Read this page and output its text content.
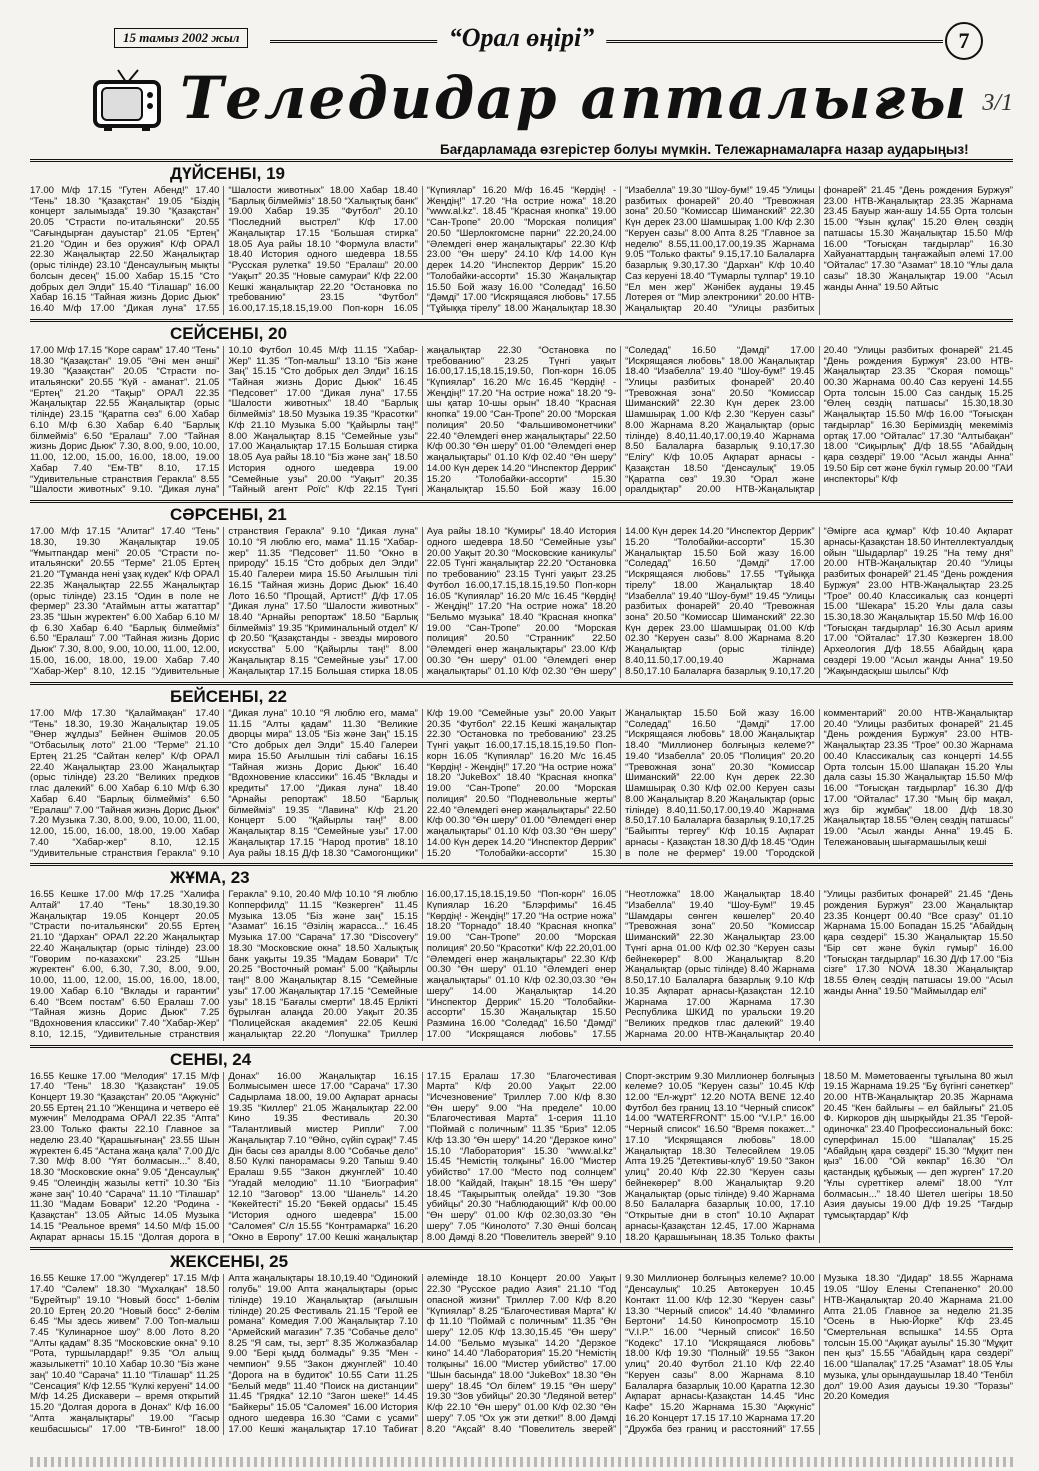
15 тамыз 2002 жыл	“Орал өңірі”	7
Теледидар апталығы 3/1
Бағдарламада өзгерістер болуы мүмкін. Тележарнамаларға назар аударыңыз!
ДҮЙСЕНБІ, 19

17.00 М/ф 17.15 “Гутен Абенд!” 17.40 “Тень” 18.30 “Қазақстан” 19.05 “Біздің концерт залымызда” 19.30 “Қазақстан” 20.05 “Страсти по-итальянски” 20.55 “Сағындырған дауыстар” 21.05 “Ертең” 21.20 “Один и без оружия” К/ф ОРАЛ 22.30 Жаңалықтар 22.50 Жаңалықтар (орыс тілінде) 23.10 “Денсаулығың мықты болсын десең” 15.00 Хабар 15.15 “Сто добрых дел Элди” 15.40 “Тілашар” 16.00 Хабар 16.15 “Тайная жизнь Дорис Дьюк” 16.40 М/ф 17.00 “Дикая луна” 17.55 “Шалости животных” 18.00 Хабар 18.40 “Барлық білмейміз” 18.50 “Халықтық банк” 19.00 Хабар 19.35 “Футбол” 20.10 “Последний выстрел” К/ф 17.00 Жаңалықтар 17.15 “Большая стирка” 18.05 Ауа райы 18.10 “Формула власти” 18.40 История одного шедевра 18.55 “Русская рулетка” 19.50 “Ералаш” 20.00 “Уақыт” 20.35 “Новые самураи” К/ф 22.00 Кешкі жаңалықтар 22.20 “Остановка по требованию” 23.15 “Футбол” 16.00,17.15,18.15,19.00 Поп-корн 16.05 “Күпиялар” 16.20 М/ф 16.45 “Көрдің! - Жеңдің!” 17.20 “На острие ножа” 18.20 “www.al.kz”. 18.45 “Красная кнопка” 19.00 “Сан-Тропе” 20.00 “Морская полиция” 20.50 “Шерлокгомсне парни” 22.20,24.00 “Әлемдегі өнер жаңалықтары” 22.30 К/ф 23.00 “Өн шеру” 24.10 К/ф 14.00 Күн дерек 14.20 “Инспектор Деррик” 15.20 “Толобайки-ассорти” 15.30 Жаңалықтар 15.50 Бой жазу 16.00 “Соледад” 16.50 “Дәмді” 17.00 “Искрящаяся любовь” 17.55 “Тұйыққа тірелу” 18.00 Жаңалықтар 18.30 “Изабелла” 19.30 “Шоу-бум!” 19.45 “Улицы разбитых фонарей” 20.40 “Тревожная зона” 20.50 “Комиссар Шиманский” 22.30 Күн дерек 23.00 Шамшырақ 1.00 К/ф 2.30 “Керуен сазы” 8.00 Апта 8.25 “Главное за неделю” 8.55,11.00,17.00,19.35 Жарнама 9.05 “Только факты” 9.15,17.10 Балаларға базарлық 9.30,17.30 “Дархан” К/ф 10.40 Саз керуені 18.40 “Түмарлы тұлпар” 19.10 “Ел мен жер” Жәнібек ауданы 19.45 Лотерея от “Мир электроники” 20.00 НТВ-Жаңалықтар 20.40 “Улицы разбитых фонарей” 21.45 “День рождения Буржуя” 23.00 НТВ-Жаңалықтар 23.35 Жарнама 23.45 Бауыр жан-ашу 14.55 Орта толсын 15.00 “Ұзын құлақ” 15.20 Өлең сөздің патшасы 15.30 Жаңалықтар 15.50 М/ф 16.00 “Тоғысқан тағдырлар” 16.30 Хайуанаттардың таңғажайып әлемі 17.00 “Ойталас” 17.30 “Азамат” 18.10 “Ұлы дала сазы” 18.30 Жаңалықтар 19.00 “Асыл жанды Анна” 19.50 Айтыс

СЕЙСЕНБІ, 20

17.00 М/ф 17.15 “Коре сарам” 17.40 “Тень” 18.30 “Қазақстан” 19.05 “Әні мен әнші” 19.30 “Қазақстан” 20.05 “Страсти по-итальянски” 20.55 “Күй - аманат”. 21.05 “Ертең” 21.20 “Тақыр” ОРАЛ 22.35 Жаңалықтар 22.55 Жаңалықтар (орыс тілінде) 23.15 “Қаратпа сөз” 6.00 Хабар 6.10 М/ф 6.30 Хабар 6.40 “Барлық білмейміз” 6.50 “Ералаш” 7.00 “Тайная жизнь Дорис Дьюк” 7.30, 8.00, 9.00, 10.00, 11.00, 12.00, 15.00, 16.00, 18.00, 19.00 Хабар 7.40 “Ем-ТВ” 8.10, 17.15 “Удивительные странствия Геракла” 8.55 “Шалости животных” 9.10. “Дикая луна” 10.10 Футбол 10.45 М/ф 11.15 “Хабар-Жер” 11.35 “Топ-мальш” 13.10 “Біз және Заң” 15.15 “Сто добрых дел Элди” 16.15 “Тайная жизнь Дорис Дьюк” 16.45 “Педсовет” 17.00 “Дикая луна” 17.55 “Шалости животных” 18.40 “Барлық білмейміз” 18.50 Музыка 19.35 “Красотки” К/ф 21.10 Музыка 5.00 “Қайырлы таң!” 8.00 Жаңалықтар 8.15 “Семейные узы” 17.00 Жаңалықтар 17.15 Большая стирка 18.05 Ауа райы 18.10 “Біз және заң” 18.50 История одного шедевра 19.00 “Семейные узы” 20.00 “Уақыт” 20.35 “Тайный агент Роїс” К/ф 22.15 Түнгі жаңалықтар 22.30 “Остановка по требованию” 23.25 Түнгі уақыт 16.00,17.15,18.15,19.50, Поп-корн 16.05 “Күпиялар” 16.20 М/с 16.45 “Көрдің! - Жеңдің!” 17.20 “На острие ножа” 18.20 “9-шы қатар 10-шы орын” 18.40 “Красная кнопка” 19.00 “Сан-Тропе” 20.00 “Морская полиция” 20.50 “Фальшивомонетчики” 22.40 “Әлемдегі өнер жаңалықтары” 22.50 К/ф 00.30 “Өн шеру” 01.00 “Әлемдегі өнер жаңалықтары” 01.10 К/ф 02.40 “Өн шеру” 14.00 Күн дерек 14.20 “Инспектор Деррик” 15.20 “Толобайки-ассорти” 15.30 Жаңалықтар 15.50 Бой жазу 16.00 “Соледад” 16.50 “Дәмді” 17.00 “Искрящаяся любовь” 18.00 Жаңалықтар 18.40 “Изабелла” 19.40 “Шоу-бум!” 19.45 “Улицы разбитых фонарей” 20.40 “Тревожная зона” 20.50 “Комиссар Шиманский” 22.30 Күн дерек 23.00 Шамшырақ 1.00 К/ф 2.30 “Керуен сазы” 8.00 Жарнама 8.20 Жаңалықтар (орыс тілінде) 8.40,11.40,17.00,19.40 Жарнама 8.50 Балаларға базарлық 9.10,17.30 “Елігу” К/ф 10.05 Ақпарат арнасы - Қазақстан 18.50 “Денсаулық” 19.05 “Қаратпа сөз” 19.30 “Орал және оралдықтар” 20.00 НТВ-Жаңалықтар 20.40 “Улицы разбитых фонарей” 21.45 “День рождения Буржуя” 23.00 НТВ-Жаңалықтар 23.35 “Скорая помощь” 00.30 Жарнама 00.40 Саз керуені 14.55 Орта толсын 15.00 Саз сандық 15.25 “Өлең сөздің патшасы” 15.30,18.30 Жаңалықтар 15.50 М/ф 16.00 “Тоғысқан тағдырлар” 16.30 Берімиздің мекеміміз ортақ 17.00 “Ойталас” 17.30 “Алтыбақан” 18.00 “Сиқырлық” Д/ф 18.55 “Абайдың қара сөздері” 19.00 “Асыл жанды Анна” 19.50 Бір сөт және бүкіл гүмыр 20.00 “ГАИ инспекторы” К/ф

СӘРСЕНБІ, 21

17.00 М/ф 17.15 “Алитаг” 17.40 “Тень” 18.30, 19.30 Жаңалықтар 19.05 “Ұмытпандар мені” 20.05 “Страсти по-итальянски” 20.55 “Терме” 21.05 Ертең 21.20 “Тұманда нені ұзақ күдек” К/ф ОРАЛ 22.35 Жаңалықтар 22.55 Жаңалықтар (орыс тілінде) 23.15 “Один в поле не фермер” 23.30 “Атаймын атты жататтар” 23.35 “Шын жүректен” 6.00 Хабар 6.10 М/ф 6.30 Хабар 6.40 “Барлық білмейміз” 6.50 “Ералаш” 7.00 “Тайная жизнь Дорис Дьюк” 7.30, 8.00, 9.00, 10.00, 11.00, 12.00, 15.00, 16.00, 18.00, 19.00 Хабар 7.40 “Хабар-Жер” 8.10, 12.15 “Удивительные странствия Геракла” 9.10 “Дикая луна” 10.10 “Я люблю его, мама” 11.15 “Хабар-жер” 11.35 “Педсовет” 11.50 “Окно в природу” 15.15 “Сто добрых дел Элди” 15.40 Галереи мира 15.50 Ағылшын тілі 16.15 “Тайная жизнь Дорис Дьюк” 16.40 Лото 16.50 “Прощай, Артист!” Д/ф 17.05 “Дикая луна” 17.50 “Шалости животных” 18.40 “Арнайы репортаж” 18.50 “Барлық білмейміз” 19.35 “Криминальный отдел” К/ф 20.50 “Қазақстанды - звезды мирового искусства” 5.00 “Қайырлы таң!” 8.00 Жаңалықтар 8.15 “Семейные узы” 17.00 Жаңалықтар 17.15 Большая стирка 18.05 Ауа райы 18.10 “Кумиры” 18.40 История одного шедевра 18.50 “Семейные узы” 20.00 Уақыт 20.30 “Московские каникулы” 22.05 Түнгі жаңалықтар 22.20 “Остановка по требованию” 23.15 Түнгі уақыт 23.25 Футбол 16.00,17.15,18.15,19.50 Поп-корн 16.05 “Күпиялар” 16.20 М/с 16.45 “Көрдің! - Жеңдің!” 17.20 “На острие ножа” 18.20 “Бельмо мүзыка” 18.40 “Красная кнопка” 19.00 “Сан-Тропе” 20.00 “Морская полиция” 20.50 “Странник” 22.50 “Әлемдегі өнер жаңалықтары” 23.00 К/ф 00.30 “Өн шеру” 01.00 “Әлемдегі өнер жаңалықтары” 01.10 К/ф 02.30 “Өн шеру” 14.00 Күн дерек 14.20 “Инспектор Деррик” 15.20 “Толобайки-ассорти” 15.30 Жаңалықтар 15.50 Бой жазу 16.00 “Соледад” 16.50 “Дәмді” 17.00 “Искрящаяся любовь” 17.55 “Тұйыққа тірелу” 18.00 Жаңалықтар 18.40 “Изабелла” 19.40 “Шоу-бум!” 19.45 “Улицы разбитых фонарей” 20.40 “Тревожная зона” 20.50 “Комиссар Шиманский” 22.30 Күн дерек 23.00 Шамшырақ 01.00 К/ф 02.30 “Керуен сазы” 8.00 Жарнама 8.20 Жаңалықтар (орыс тілінде) 8.40,11.50,17.00,19.40 Жарнама 8.50,17.10 Балаларға базарлық 9.10,17.20 “Әмірге аса құмар” К/ф 10.40 Ақпарат арнасы-Қазақстан 18.50 Интеллектуалдық ойын “Шыдарлар” 19.25 “На тему дня” 20.00 НТВ-Жаңалықтар 20.40 “Улицы разбитых фонарей” 21.45 “День рождения Буржуя” 23.00 НТВ-Жаңалықтар 23.25 “Трое” 00.40 Классикалық саз концерті 15.00 “Шекара” 15.20 Ұлы дала сазы 15.30,18.30 Жаңалықтар 15.50 М/ф 16.00 “Тоғысқан тағдырлар” 16.30 Асыл ариям 17.00 “Ойталас” 17.30 Көзкерген 18.00 Археология Д/ф 18.55 Абайдың қара сөздері 19.00 “Асыл жанды Анна” 19.50 “Жақындасқыш шылсы” К/ф

БЕЙСЕНБІ, 22

17.00 М/ф 17.30 “Қалаймақан” 17.40 “Тень” 18.30, 19.30 Жаңалықтар 19.05 “Өнер жұлдыз” Бейнен Әшімов 20.05 “Отбасылық лото” 21.00 “Терме” 21.10 Ертең 21.25 “Сайтан келер” К/ф ОРАЛ 22.40 Жаңалықтар 23.00 Жаңалықтар (орыс тілінде) 23.20 “Великих предков глас далекий” 6.00 Хабар 6.10 М/ф 6.30 Хабар 6.40 “Барлық білмейміз” 6.50 “Ералаш” 7.00 “Тайная жизнь Дорис Дьюк” 7.20 Музыка 7.30, 8.00, 9.00, 10.00, 11.00, 12.00, 15.00, 16.00, 18.00, 19.00 Хабар 7.40 “Хабар-жер” 8.10, 12.15 “Удивительные странствия Геракла” 9.10 “Дикая луна” 10.10 “Я люблю его, мама” 11.15 “Алты қадам” 11.30 “Великие дворцы мира” 13.05 “Біз және Заң” 15.15 “Сто добрых дел Элди” 15.40 Галереи мира 15.50 Ағылшын тілі сабағы 16.15 “Тайная жизнь Дорис Дьюк” 16.40 “Вдохновение классики” 16.45 “Вклады и кредиты” 17.00 “Дикая луна” 18.40 “Арнайы репортаж” 18.50 “Барлық білмейміз” 19.35 “Лавина” К/ф 21.20 Концерт 5.00 “Қайырлы таң!” 8.00 Жаңалықтар 8.15 “Семейные узы” 17.00 Жаңалықтар 17.15 “Народ против” 18.10 Ауа райы 18.15 Д/ф 18.30 “Самогонщики” К/ф 19.00 “Семейные узы” 20.00 Уақыт 20.35 “Футбол” 22.15 Кешкі жаңалықтар 22.30 “Остановка по требованию” 23.25 Түнгі уақыт 16.00,17.15,18.15,19.50 Поп-корн 16.05 “Күпиялар” 16.20 М/с 16.45 “Көрдің! - Жеңдің!” 17.20 “На острие ножа” 18.20 “JukeBox” 18.40 “Красная кнопка” 19.00 “Сан-Тропе” 20.00 “Морская полиция” 20.50 “Подневольные жерты” 22.40 “Әлемдегі өнер жаңалықтары” 22.50 К/ф 00.30 “Өн шеру” 01.00 “Әлемдегі өнер жаңалықтары” 01.10 К/ф 03.30 “Өн шеру” 14.00 Күн дерек 14.20 “Инспектор Деррик” 15.20 “Толобайки-ассорти” 15.30 Жаңалықтар 15.50 Бой жазу 16.00 “Соледад” 16.50 “Дәмді” 17.00 “Искрящаяся любовь” 18.00 Жаңалықтар 18.40 “Миллионер болғыңыз келеме?” 19.40 “Изабелла” 20.05 “Полиция” 20.20 “Тревожная зона” 20.30 “Комиссар Шиманский” 22.00 Күн дерек 22.30 Шамшырақ 0.30 К/ф 02.00 Керуен сазы 8.00 Жаңалықтар 8.20 Жаңалықтар (орыс тілінде) 8.40,11.50,17.00,19.40 Жарнама 8.50,17.10 Балаларға базарлық 9.10,17.25 “Байыпты тергеу” К/ф 10.15 Ақпарат арнасы - Қазақстан 18.30 Д/ф 18.45 “Один в поле не фермер” 19.00 “Городской комментарий” 20.00 НТВ-Жаңалықтар 20.40 “Улицы разбитых фонарей” 21.45 “День рождения Буржуя” 23.00 НТВ-Жаңалықтар 23.35 “Трое” 00.30 Жарнама 00.40 Классикалық саз концерті 14.55 Орта толсын 15.00 Шапақан 15.20 Ұлы дала сазы 15.30 Жаңалықтар 15.50 М/ф 16.00 “Тоғысқан тағдырлар” 16.30 Д/ф 17.00 “Ойталас” 17.30 “Мың бір мақал, жүз бір жұмбақ” 18.00 Д/ф 18.30 Жаңалықтар 18.55 “Өлең сөздің патшасы” 19.00 “Асыл жанды Анна” 19.45 Б. Тележановаың шығармашылық кешi

ЖҰМА, 23

16.55 Кешке 17.00 М/ф 17.25 “Халифа Алтай” 17.40 “Тень” 18.30,19.30 Жаңалықтар 19.05 Концерт 20.05 “Страсти по-итальянски” 20.55 Ертең 21.10 “Дархан” ОРАЛ 22.20 Жаңалықтар 22.40 Жаңалықтар (орыс тілінде) 23.00 “Говорим по-казахски” 23.25 “Шын жүректен” 6.00, 6.30, 7.30, 8.00, 9.00, 10.00, 11.00, 12.00, 15.00, 16.00, 18.00, 19.00 Хабар 6.10 “Вклады и гарантии” 6.40 “Всем постам” 6.50 Ералаш 7.00 “Тайная жизнь Дорис Дьюк” 7.25 “Вдохновения классики” 7.40 “Хабар-Жер” 8.10, 12.15, “Удивительные странствия Геракла” 9.10, 20.40 М/ф 10.10 “Я люблю Копперфилд” 11.15 “Көзкерген” 11.45 Музыка 13.05 “Біз және заң” 15.15 “Азамат” 16.15 “Әзілің жарасса...” 16.45 Музыка 17.00 “Сарача” 17.30 “Discovery” 18.30 “Московские окна” 18.50 Халықтық банк уақыты 19.35 “Мадам Бовари” Т/с 20.25 “Восточный роман” 5.00 “Қайырлы таң!” 8.00 Жаңалықтар 8.15 “Семейные узы” 17.00 Жаңалықтар 17.15 “Семейные узы” 18.15 “Бағалы смерти” 18.45 Ерлікті бұрылған алаңда 20.00 Уақыт 20.35 “Полицейская академия” 22.05 Кешкі жаңалықтар 22.20 “Лопушка” Триллер 16.00,17.15,18.15,19.50 “Поп-корн” 16.05 Күпиялар 16.20 “Блэрфимы” 16.45 “Көрдің! - Жеңдің!” 17.20 “На острие ножа” 18.20 “Торнадо” 18.40 “Красная кнопка” 19.00 “Сан-Тропе” 20.00 “Морская полиция” 20.50 “Красотки” К/ф 22.20,01.00 “Әлемдегі өнер жаңалықтары” 22.30 К/ф 00.30 “Өн шеру” 01.10 “Әлемдегі өнер жаңалықтары” 01.10 К/ф 02.30,03.30 “Өн шеру” 14.00 Жаңалықтар 14.20 “Инспектор Деррик” 15.20 “Толобайки-ассорти” 15.30 Жаңалықтар 15.50 Размина 16.00 “Соледад” 16.50 “Дәмді” 17.00 “Искрящаяся любовь” 17.55 “Неотложка” 18.00 Жаңалықтар 18.40 “Изабелла” 19.40 “Шоу-Бум!” 19.45 “Шамдары сөнген көшелер” 20.40 “Тревожная зона” 20.50 “Комиссар Шиманский” 22.30 Жаңалықтар 23.00 Түнгі арна 01.00 К/ф 02.30 “Керуен сазы бейнекөрер” 8.00 Жаңалықтар 8.20 Жаңалықтар (орыс тілінде) 8.40 Жарнама 8.50,17.10 Балаларға базарлық 9.10 К/ф 10.35 Ақпарат арнасы-Қазақстан 12.10 Жарнама 17.00 Жарнама 17.30 Республика ШКИД по уральски 19.20 “Великих предков глас далекий” 19.40 Жарнама 20.00 НТВ-Жаңалықтар 20.40 “Улицы разбитых фонарей” 21.45 “День рождения Буржуя” 23.00 Жаңалықтар 23.35 Концерт 00.40 “Все сразу” 01.10 Жарнама 15.00 Бопадан 15.25 “Абайдың қара сөздері” 15.30 Жаңалықтар 15.50 “Бір сөт және бүкіл гүмыр” 16.00 “Тоғысқан тағдырлар” 16.30 Д/ф 17.00 “Біз сізге” 17.30 NOVA 18.30 Жаңалықтар 18.55 Өлең сөздің патшасы 19.00 “Асыл жанды Анна” 19.50 “Маймылдар елі”

СЕНБІ, 24

16.55 Кешке 17.00 “Мелодия” 17.15 М/ф 17.40 “Тень” 18.30 “Қазақстан” 19.05 Концерт 19.30 “Қазақстан” 20.05 “Ақжүніс” 20.55 Ертең 21.10 “Женщина и четверо её мужчин” Мелодрама ОРАЛ 22.35 “Апта” 23.00 Только факты 22.10 Главное за неделю 23.40 “Қарашығынаң” 23.55 Шын жүректен 6.45 “Астана жаңа қала” 7.00 Д/с 7.30 М/ф 8.00 “Үят болмасын...” 8.40, 18.30 “Московские окна” 9.05 “Денсаулық” 9.45 “Олеиндің жазылы кетті” 10.30 “Біз және заң” 10.40 “Сарача” 11.10 “Тілашар” 11.30 “Мадам Бовари” 12.20 “Родина - Қазақстан” 13.05 Айтыс 14.05 Музыка 14.15 “Реальное время” 14.50 М/ф 15.00 Ақпарат арнасы 15.15 “Долгая дорога в Донах” 16.00 Жаңалықтар 16.15 Болмысымен шесе 17.00 “Сарача” 17.30 Садырлама 18.00, 19.00 Ақпарат арнасы 19.35 “Киллер” 21.05 Жаңалықтар 22.00 Кино 19.35 Фестиваль 20.30 “Талантливый мистер Рипли” 7.00 Жаңалықтар 7.10 “Өйно, сүйіп сұрақ!” 7.45 Дін басы сөз аралды 8.00 “Собачье дело” 8.50 Күлкі панорамасы 9.20 Тапыш 9.40 Ералаш 9.55 “Закон джунглей” 10.40 “Угадай мелодию” 11.10 “Биография” 12.10 “Заговор” 13.00 “Шанель” 14.20 “Көкейтесті” 15.20 “Бөкей ордасы” 15.45 “История одного шедевра” 15.00 “Саломея” С/л 15.55 “Контрамарка” 16.20 “Окно в Европу” 17.00 Кешкі жаңалықтар 17.15 Ералаш 17.30 “Благочестивая Марта” К/ф 20.00 Уақыт 22.00 “Исчезновение” Триллер 7.00 К/ф 8.30 “Өн шеру” 9.00 “На пределе” 10.00 “Благочестивая Марта” 1-серия 11.10 “Поймай с поличным” 11.35 “Бриз” 12.05 К/ф 13.30 “Өн шеру” 14.20 “Дерзкое кино” 15.10 “Лаборатория” 15.30 “www.al.kz” 15.45 “Немістің толқыны” 16.00 “Мистер убийство” 17.00 “Место под солнцем” 18.00 “Кайдай, Ітақын” 18.15 “Өн шеру” 18.45 “Тақырыптық олейда” 19.30 “Зов убийцы” 20.30 “Наблюдающий” К/ф 00.00 “Өн шеру” 01.00 К/ф 02.30,03.30 “Өн шеру” 7.05 “Кинолото” 7.30 Әнші болсаң 8.00 Дәмді 8.20 “Повелитель зверей” 9.10 Спорт-экстрим 9.30 Миллионер болғыңыз келеме? 10.05 “Керуен сазы” 10.45 К/ф 12.00 “Ел-жұрт” 12.20 NOTA BENE 12.40 Футбол без границ 13.10 “Черный список” 14.00 “WATERFRONT” 15.00 “V.I.P.” 16.00 “Черный список” 16.50 “Время покажет...” 17.10 “Искрящаяся любовь” 18.00 Жаңалықтар 18.30 Телесөйлем 19.05 Апта 19.25 “Детективы-клуб” 19.50 “Закон улиц” 20.40 К/ф 22.30 “Керуен сазы бейнекөрер” 8.00 Жаңалықтар 9.20 Жаңалықтар (орыс тілінде) 9.40 Жарнама 8.50 Балаларға базарлық 10.00, 17.10 “Открытые дни в стоп” 10.10 Ақпарат арнасы-Қазақстан 12.45, 17.00 Жарнама 18.20 Қарашығынаң 18.35 Только факты 18.50 М. Мәметоваенгы тұғылына 80 жыл 19.15 Жарнама 19.25 “Бұ бүгінгі сәнеткер” 20.00 НТВ-Жаңалықтар 20.35 Жарнама 20.45 “Кен байлығы – ел байлығы” 21.05 Ф. Киркоров дің шырқыйды 21.35 “Герой-одиночка” 23.40 Профессиональный бокс: суперфинал 15.00 “Шапалақ” 15.25 “Абайдың қара сөздері” 15.30 “Мұқит пен қыз” 16.00 “Ой көкпар” 16.30 “Ол қастандық құбыжық — деп жүрген” 17.20 “Ұлы сүреттікер әлемі” 18.00 “Үлт болмасын...” 18.40 Шетел шегіры 18.50 Азия дауысы 19.00 Д/ф 19.25 “Тағдыр тұмсықтардар” К/ф

ЖЕКСЕНБІ, 25

16.55 Кешке 17.00 “Жүлдегер” 17.15 М/ф 17.40 “Сәлем” 18.30 “Мұхалқан” 18.50 “Бұрейтыр” 19.10 “Новый босс” 1-бөлім 20.10 Ертең 20.20 “Новый босс” 2-бөлім 6.45 “Мы здесь живем” 7.00 Топ-малыш 7.45 “Кулинарное шоу” 8.00 Лото 8.20 “Алты қадам” 8.35 “Московские окна” 9.10 “Рота, туршылардар!” 9.35 “Ол алыщ жазылыкетті” 10.10 Хабар 10.30 “Біз және заң” 10.40 “Сарача” 11.10 “Тілашар” 11.25 “Сенсация” К/ф 12.55 “Күлкі керуені” 14.00 М/ф 14.25 Дискавери – время открытий 15.20 “Долгая дорога в Донах” К/ф 16.00 “Апта жаңалықтары” 19.00 “Гасыр кешбасшысы” 17.00 “ТВ-Бинго!” 18.00 Апта жаңалықтары 18.10,19.40 “Одинокий голубь” 19.00 Апта жаңалықтары (орыс тілінде) 19.10 Жаңалықтар (ағылшын тілінде) 20.25 Фестиваль 21.15 “Герой ее романа” Комедия 7.00 Жаңалықтар 7.10 “Армейский магазин” 7.35 “Собачье дело” 8.25 “Я сам, ты, зерт” 8.35 Жолжазбалар 9.00 “Бері қыдд болмады” 9.35 “Мен - чемпион” 9.55 “Закон джунглей” 10.40 “Дорога на в будиток” 10.55 Сати 11.25 “Белый медв” 11.40 “Поиск на дистанции” 11.45 “Грядка” 12.10 “Загон шеке!” 14.45 “Байкеры” 15.05 “Саломея” 16.00 История одного шедевра 16.30 “Сами с усами” 17.00 Кешкі жаңалықтар 17.10 Табиғат әлемінде 18.10 Концерт 20.00 Уақыт 22.30 “Русское радио Азия” 21.10 “Год опасной жизни” Триллер 7.00 К/ф 8.20 “Күпиялар” 8.25 “Благочестивая Марта” К/ф 11.10 “Поймай с поличным” 11.35 “Өн шеру” 12.05 К/ф 13.30,15.45 “Өн шеру” 14.00 “Бельмо мүзыка” 14.20 “Дерзкое кино” 14.40 “Лаборатория” 15.20 “Немістің толқыны” 16.00 “Мистер убийство” 17.00 “Шын басында” 18.00 “JukeBox” 18.30 “Өн шеру” 18.45 “Ол білем” 19.15 “Өн шеру” 19.30 “Зов убийцы” 20.30 “Ледяной ветер” К/ф 22.10 “Өн шеру” 01.00 К/ф 02.30 “Өн шеру” 7.05 “Ох уж эти детки!” 8.00 Дәмді 8.20 “Ақсай” 8.40 “Повелитель зверей” 9.30 Миллионер болғыңыз келеме? 10.00 “Денсаулық” 10.25 Автокеруен 10.45 Контакт 11.00 К/ф 12.30 “Керуен сазы” 13.30 “Черный список” 14.40 “Фламинго Бертони” 14.50 Кинопросмотр 15.10 “V.I.P.” 16.00 “Черный список” 16.50 “Кодекс” 17.10 “Искрящаяся любовь” 18.00 К/ф 19.30 “Полный” 19.55 “Закон улиц” 20.40 Футбол 21.10 К/ф 22.40 “Керуен сазы” 8.00 Жарнама 8.10 Балаларға базарлық 10.00 Қаратпа 12.30 Ақпарат арнасы-Қазақстан 14.45 “Инс Кафе” 15.20 Жарнама 15.30 “Ақжүніс” 16.20 Концерт 17.15 17.10 Жарнама 17.20 “Дружба без границ и расстояний” 17.55 Музыка 18.30 “Дидар” 18.55 Жарнама 19.05 “Шоу Елены Степаненко” 20.00 НТВ-Жаңалықтар 20.40 Жарнама 21.00 Апта 21.05 Главное за неделю 21.35 “Осень в Нью-Йорке” К/ф 23.45 “Смертельная вспышка” 14.55 Орта толсын 15.00 “Ақиқат ауылы” 15.30 “Мұқит пен қыз” 15.55 “Абайдың қара сөздері” 16.00 “Шапалақ” 17.25 “Азамат” 18.05 Ұлы музыка, ұлы орындаушылар 18.40 “Тенбiл дол” 19.00 Азия дауысы 19.30 “Торазы” 20.20 Комедия
